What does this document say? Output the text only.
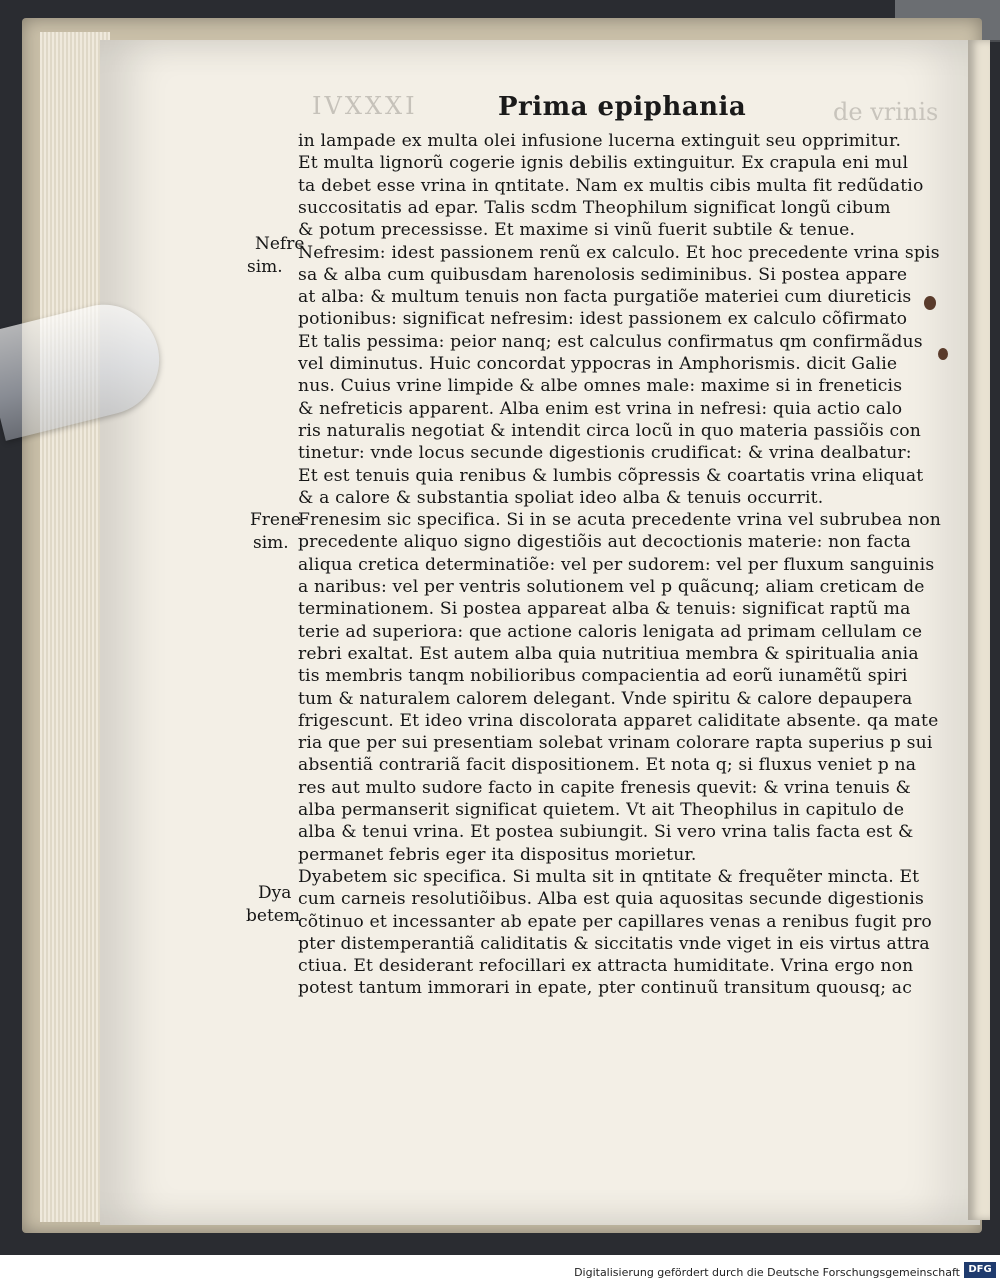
IVXXXI	Prima epiphania	de vrinis
in lampade ex multa olei infusione lucerna extinguit seu opprimitur.
Et multa lignorũ cogerie ignis debilis extinguitur. Ex crapula eni mul
ta debet esse vrina in qntitate. Nam ex multis cibis multa fit redũdatio
succositatis ad epar. Talis scdm Theophilum significat longũ cibum
& potum precessisse. Et maxime si vinũ fuerit subtile & tenue.
Nefresim: idest passionem renũ ex calculo. Et hoc precedente vrina spis
sa & alba cum quibusdam harenolosis sediminibus. Si postea appare
at alba: & multum tenuis non facta purgatiõe materiei cum diureticis
potionibus: significat nefresim: idest passionem ex calculo cõfirmato
Et talis pessima: peior nanq; est calculus confirmatus qm confirmãdus
vel diminutus. Huic concordat yppocras in Amphorismis. dicit Galie
nus. Cuius vrine limpide & albe omnes male: maxime si in freneticis
& nefreticis apparent. Alba enim est vrina in nefresi: quia actio calo
ris naturalis negotiat & intendit circa locũ in quo materia passiõis con
tinetur: vnde locus secunde digestionis crudificat: & vrina dealbatur:
Et est tenuis quia renibus & lumbis cõpressis & coartatis vrina eliquat
& a calore & substantia spoliat ideo alba & tenuis occurrit.
Frenesim sic specifica. Si in se acuta precedente vrina vel subrubea non
precedente aliquo signo digestiõis aut decoctionis materie: non facta
aliqua cretica determinatiõe: vel per sudorem: vel per fluxum sanguinis
a naribus: vel per ventris solutionem vel p quãcunq; aliam creticam de
terminationem. Si postea appareat alba & tenuis: significat raptũ ma
terie ad superiora: que actione caloris lenigata ad primam cellulam ce
rebri exaltat. Est autem alba quia nutritiua membra & spiritualia ania
tis membris tanqm nobilioribus compacientia ad eorũ iunamẽtũ spiri
tum & naturalem calorem delegant. Vnde spiritu & calore depaupera
frigescunt. Et ideo vrina discolorata apparet caliditate absente. qa mate
ria que per sui presentiam solebat vrinam colorare rapta superius p sui
absentiã contrariã facit dispositionem. Et nota q; si fluxus veniet p na
res aut multo sudore facto in capite frenesis quevit: & vrina tenuis &
alba permanserit significat quietem. Vt ait Theophilus in capitulo de
alba & tenui vrina. Et postea subiungit. Si vero vrina talis facta est &
permanet febris eger ita dispositus morietur.
Dyabetem sic specifica. Si multa sit in qntitate & frequẽter mincta. Et
cum carneis resolutiõibus. Alba est quia aquositas secunde digestionis
cõtinuo et incessanter ab epate per capillares venas a renibus fugit pro
pter distemperantiã caliditatis & siccitatis vnde viget in eis virtus attra
ctiua. Et desiderant refocillari ex attracta humiditate. Vrina ergo non
potest tantum immorari in epate, pter continuũ transitum quousq; ac
Nefre
sim.
Frene
sim.
Dya
betem
Digitalisierung gefördert durch die Deutsche Forschungsgemeinschaft DFG
